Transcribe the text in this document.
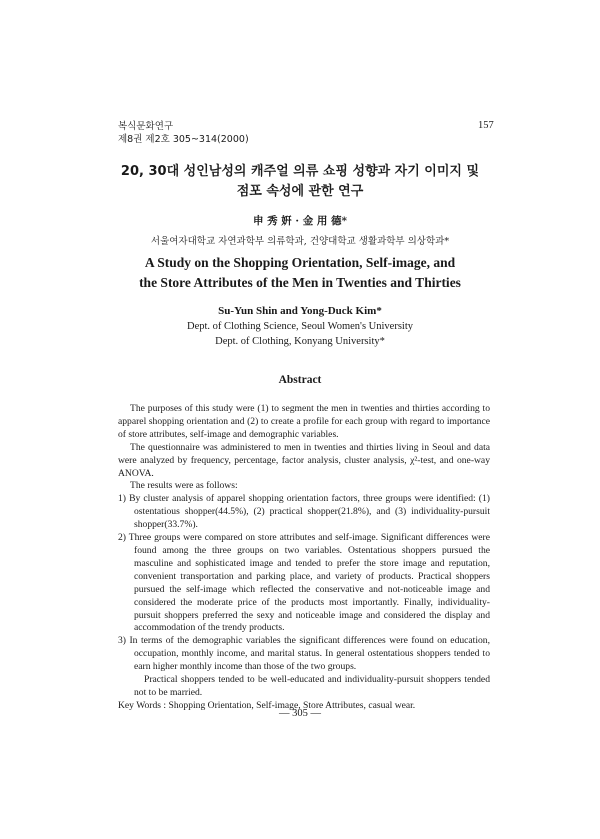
복식문화연구
제8권 제2호 305~314(2000)
157
20, 30대 성인남성의 캐주얼 의류 쇼핑 성향과 자기 이미지 및
점포 속성에 관한 연구
申 秀 姸 · 金 用 德*
서울여자대학교 자연과학부 의류학과, 건양대학교 생활과학부 의상학과*
A Study on the Shopping Orientation, Self-image, and
the Store Attributes of the Men in Twenties and Thirties
Su-Yun Shin and Yong-Duck Kim*
Dept. of Clothing Science, Seoul Women's University
Dept. of Clothing, Konyang University*
Abstract

The purposes of this study were (1) to segment the men in twenties and thirties according to apparel shopping orientation and (2) to create a profile for each group with regard to importance of store attributes, self-image and demographic variables.

The questionnaire was administered to men in twenties and thirties living in Seoul and data were analyzed by frequency, percentage, factor analysis, cluster analysis, χ²-test, and one-way ANOVA.

The results were as follows:

1) By cluster analysis of apparel shopping orientation factors, three groups were identified: (1) ostentatious shopper(44.5%), (2) practical shopper(21.8%), and (3) individuality-pursuit shopper(33.7%).

2) Three groups were compared on store attributes and self-image. Significant differences were found among the three groups on two variables. Ostentatious shoppers pursued the masculine and sophisticated image and tended to prefer the store image and reputation, convenient transportation and parking place, and variety of products. Practical shoppers pursued the self-image which reflected the conservative and not-noticeable image and considered the moderate price of the products most importantly. Finally, individuality-pursuit shoppers preferred the sexy and noticeable image and considered the display and accommodation of the trendy products.

3) In terms of the demographic variables the significant differences were found on education, occupation, monthly income, and marital status. In general ostentatious shoppers tended to earn higher monthly income than those of the two groups.

Practical shoppers tended to be well-educated and individuality-pursuit shoppers tended not to be married.

Key Words : Shopping Orientation, Self-image, Store Attributes, casual wear.

— 305 —
